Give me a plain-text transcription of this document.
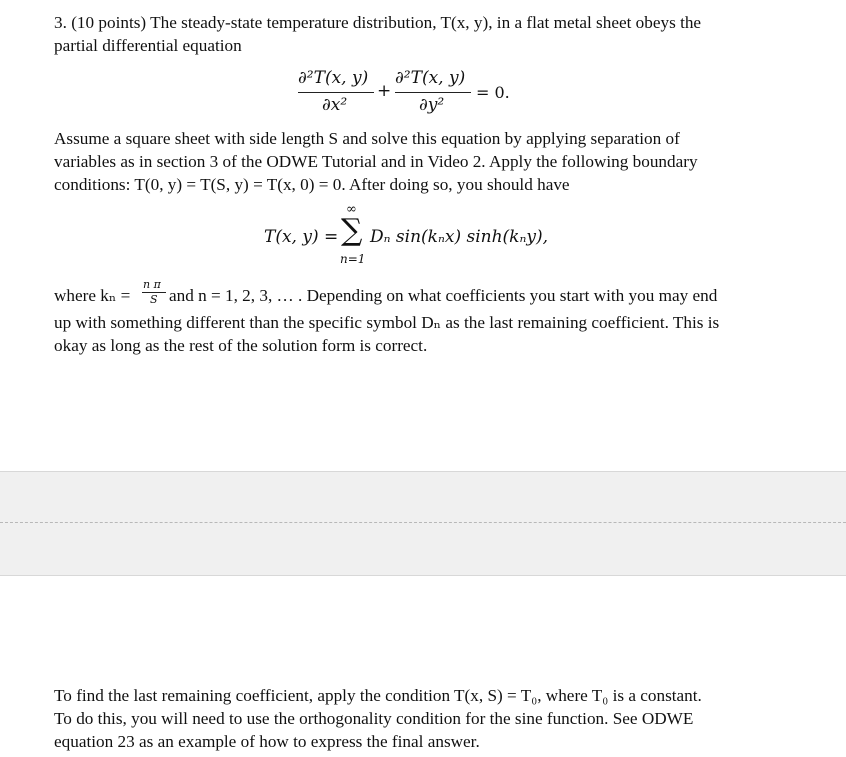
3. (10 points) The steady-state temperature distribution, T(x, y), in a flat metal sheet obeys the
partial differential equation

∂²T(x, y)
∂x²
+
∂²T(x, y)
∂y²
= 0.

Assume a square sheet with side length S and solve this equation by applying separation of
variables as in section 3 of the ODWE Tutorial and in Video 2. Apply the following boundary
conditions: T(0, y) = T(S, y) = T(x, 0) = 0. After doing so, you should have

T(x, y) =
∞
∑
n=1
Dₙ sin(kₙx) sinh(kₙy),
where kₙ =
n π
S and n = 1, 2, 3, … . Depending on what coefficients you start with you may end

up with something different than the specific symbol Dₙ as the last remaining coefficient. This is
okay as long as the rest of the solution form is correct.

To find the last remaining coefficient, apply the condition T(x, S) = T₀, where T₀ is a constant.
To do this, you will need to use the orthogonality condition for the sine function. See ODWE
equation 23 as an example of how to express the final answer.
